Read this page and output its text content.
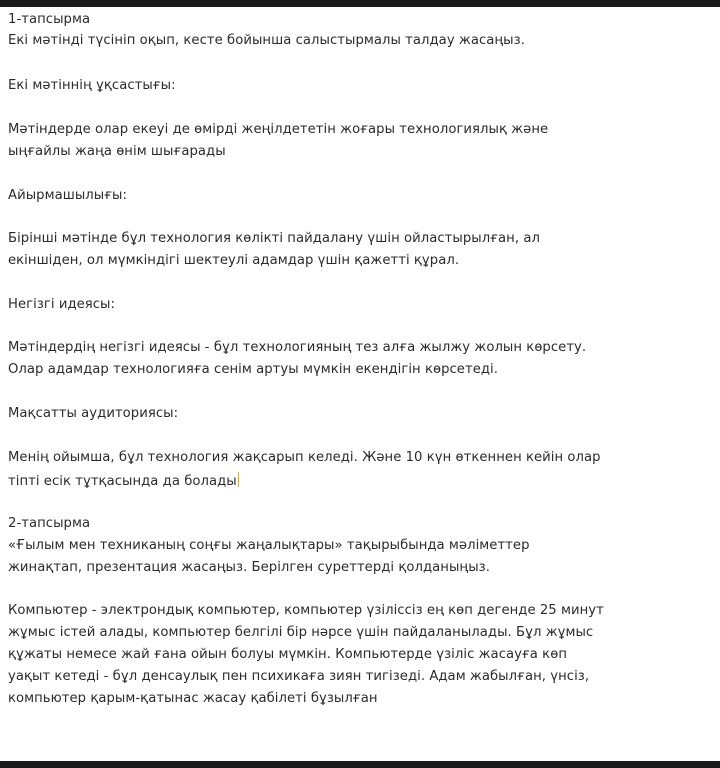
1-тапсырма
Екі мәтінді түсініп оқып, кесте бойынша салыстырмалы талдау жасаңыз.
Екі мәтіннің ұқсастығы:
Мәтіндерде олар екеуі де өмірді жеңілдететін жоғары технологиялық және
ыңғайлы жаңа өнім шығарады
Айырмашылығы:
Бірінші мәтінде бұл технология көлікті пайдалану үшін ойластырылған, ал
екіншіден, ол мүмкіндігі шектеулі адамдар үшін қажетті құрал.
Негізгі идеясы:
Мәтіндердің негізгі идеясы - бұл технологияның тез алға жылжу жолын көрсету.
Олар адамдар технологияға сенім артуы мүмкін екендігін көрсетеді.
Мақсатты аудиториясы:
Менің ойымша, бұл технология жақсарып келеді. Және 10 күн өткеннен кейін олар
тіпті есік тұтқасында да болады
2-тапсырма
«Ғылым мен техниканың соңғы жаңалықтары» тақырыбында мәліметтер
жинақтап, презентация жасаңыз. Берілген суреттерді қолданыңыз.
Компьютер - электрондық компьютер, компьютер үзіліссіз ең көп дегенде 25 минут
жұмыс істей алады, компьютер белгілі бір нәрсе үшін пайдаланылады. Бұл жұмыс
құжаты немесе жай ғана ойын болуы мүмкін. Компьютерде үзіліс жасауға көп
уақыт кетеді - бұл денсаулық пен психикаға зиян тигізеді. Адам жабылған, үнсіз,
компьютер қарым-қатынас жасау қабілеті бұзылған
